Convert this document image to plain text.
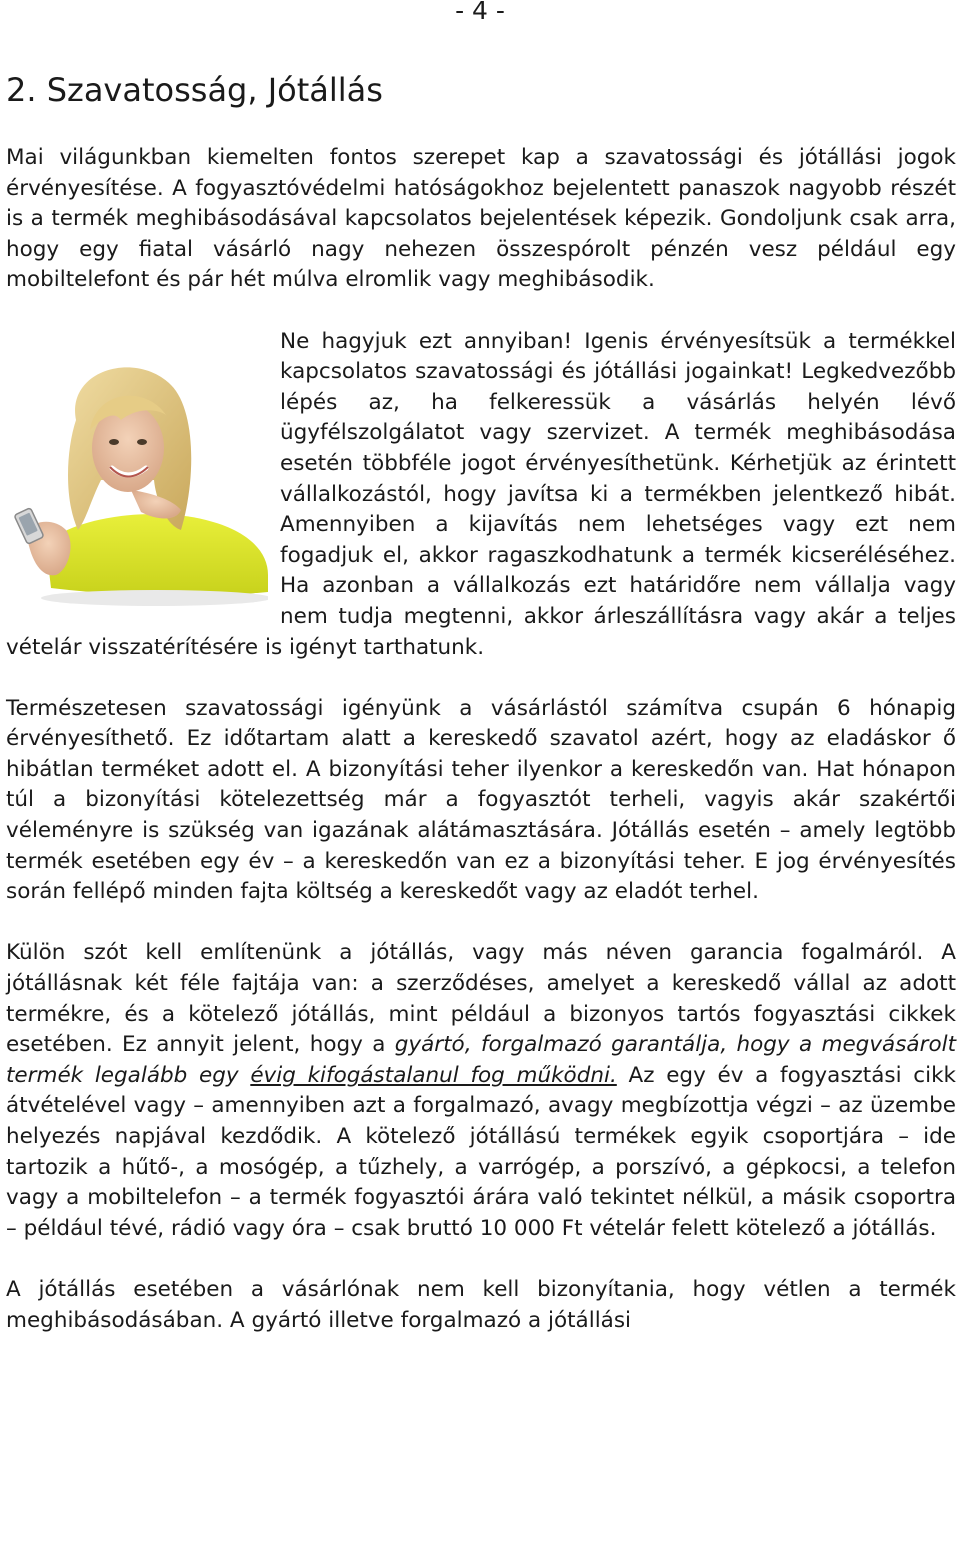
- 4 -
2. Szavatosság, Jótállás

Mai világunkban kiemelten fontos szerepet kap a szavatossági és jótállási jogok érvényesítése. A fogyasztóvédelmi hatóságokhoz bejelentett panaszok nagyobb részét is a termék meghibásodásával kapcsolatos bejelentések képezik. Gondoljunk csak arra, hogy egy fiatal vásárló nagy nehezen összespórolt pénzén vesz például egy mobiltelefont és pár hét múlva elromlik vagy meghibásodik.

Ne hagyjuk ezt annyiban! Igenis érvényesítsük a termékkel kapcsolatos szavatossági és jótállási jogainkat! Legkedvezőbb lépés az, ha felkeressük a vásárlás helyén lévő ügyfélszolgálatot vagy szervizet. A termék meghibásodása esetén többféle jogot érvényesíthetünk. Kérhetjük az érintett vállalkozástól, hogy javítsa ki a termékben jelentkező hibát. Amennyiben a kijavítás nem lehetséges vagy ezt nem fogadjuk el, akkor ragaszkodhatunk a termék kicseréléséhez. Ha azonban a vállalkozás ezt határidőre nem vállalja vagy nem tudja megtenni, akkor árleszállításra vagy akár a teljes vételár visszatérítésére is igényt tarthatunk.

Természetesen szavatossági igényünk a vásárlástól számítva csupán 6 hónapig érvényesíthető. Ez időtartam alatt a kereskedő szavatol azért, hogy az eladáskor ő hibátlan terméket adott el. A bizonyítási teher ilyenkor a kereskedőn van. Hat hónapon túl a bizonyítási kötelezettség már a fogyasztót terheli, vagyis akár szakértői véleményre is szükség van igazának alátámasztására. Jótállás esetén – amely legtöbb termék esetében egy év – a kereskedőn van ez a bizonyítási teher. E jog érvényesítés során fellépő minden fajta költség a kereskedőt vagy az eladót terhel.

Külön szót kell említenünk a jótállás, vagy más néven garancia fogalmáról. A jótállásnak két féle fajtája van: a szerződéses, amelyet a kereskedő vállal az adott termékre, és a kötelező jótállás, mint például a bizonyos tartós fogyasztási cikkek esetében. Ez annyit jelent, hogy a gyártó, forgalmazó garantálja, hogy a megvásárolt termék legalább egy évig kifogástalanul fog működni. Az egy év a fogyasztási cikk átvételével vagy – amennyiben azt a forgalmazó, avagy megbízottja végzi – az üzembe helyezés napjával kezdődik. A kötelező jótállású termékek egyik csoportjára – ide tartozik a hűtő-, a mosógép, a tűzhely, a varrógép, a porszívó, a gépkocsi, a telefon vagy a mobiltelefon – a termék fogyasztói árára való tekintet nélkül, a másik csoportra – például tévé, rádió vagy óra – csak bruttó 10 000 Ft vételár felett kötelező a jótállás.

A jótállás esetében a vásárlónak nem kell bizonyítania, hogy vétlen a termék meghibásodásában. A gyártó illetve forgalmazó a jótállási
